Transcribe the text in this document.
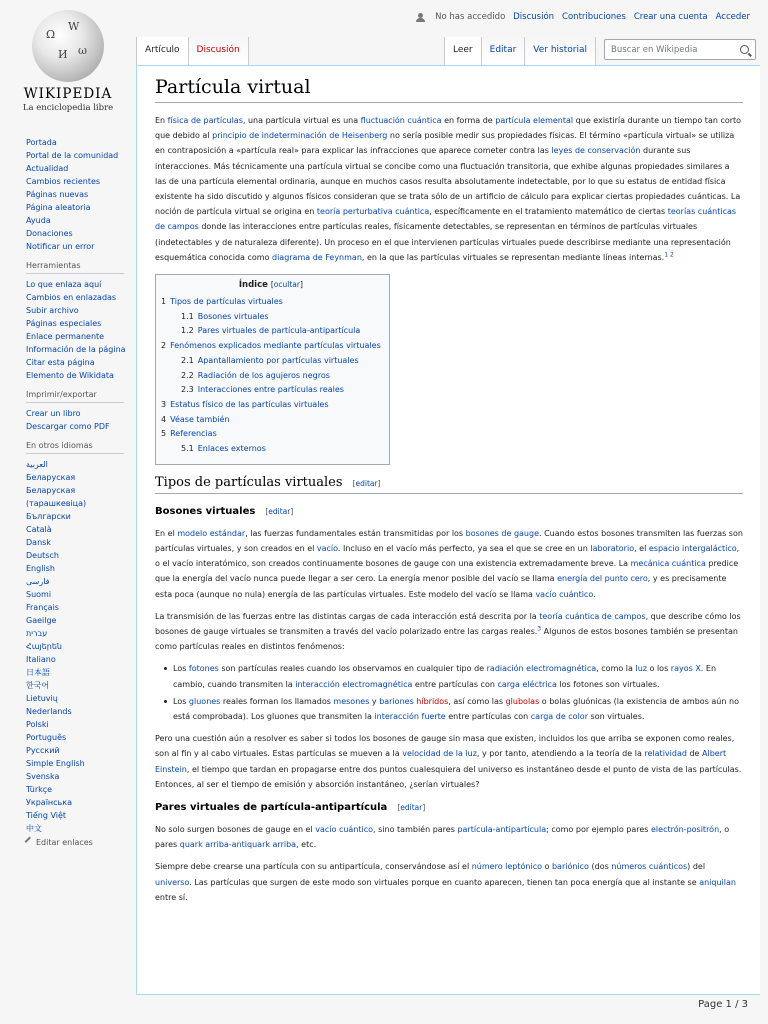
No has accedido Discusión Contribuciones Crear una cuenta Acceder
Ω
W
И ω
WIKIPEDIA
La enciclopedia libre
Portada
Portal de la comunidad
Actualidad
Cambios recientes
Páginas nuevas
Página aleatoria
Ayuda
Donaciones
Notificar un error
Herramientas
Lo que enlaza aquí
Cambios en enlazadas
Subir archivo
Páginas especiales
Enlace permanente
Información de la página
Citar esta página
Elemento de Wikidata
Imprimir/exportar
Crear un libro
Descargar como PDF
En otros idiomas
العربية
Беларуская
Беларуская (тарашкевіца)
Български
Català
Dansk
Deutsch
English
فارسی
Suomi
Français
Gaeilge
עברית
Հայերեն
Italiano
日本語
한국어
Lietuvių
Nederlands
Polski
Português
Русский
Simple English
Svenska
Türkçe
Українська
Tiếng Việt
中文
Editar enlaces
Artículo	Discusión	Leer	Editar	Ver historial	Buscar en Wikipedia
Partícula virtual

En física de partículas, una partícula virtual es una fluctuación cuántica en forma de partícula elemental que existiría durante un tiempo tan corto que debido al principio de indeterminación de Heisenberg no sería posible medir sus propiedades físicas. El término «partícula virtual» se utiliza en contraposición a «partícula real» para explicar las infracciones que aparece cometer contra las leyes de conservación durante sus interacciones. Más técnicamente una partícula virtual se concibe como una fluctuación transitoria, que exhibe algunas propiedades similares a las de una partícula elemental ordinaria, aunque en muchos casos resulta absolutamente indetectable, por lo que su estatus de entidad física existente ha sido discutido y algunos físicos consideran que se trata sólo de un artificio de cálculo para explicar ciertas propiedades cuánticas. La noción de partícula virtual se origina en teoría perturbativa cuántica, específicamente en el tratamiento matemático de ciertas teorías cuánticas de campos donde las interacciones entre partículas reales, físicamente detectables, se representan en términos de partículas virtuales (indetectables y de naturaleza diferente). Un proceso en el que intervienen partículas virtuales puede describirse mediante una representación esquemática conocida como diagrama de Feynman, en la que las partículas virtuales se representan mediante líneas internas.$^{1 2}$

Índice [ocultar]
1 Tipos de partículas virtuales
1.1 Bosones virtuales
1.2 Pares virtuales de partícula-antipartícula
2 Fenómenos explicados mediante partículas virtuales
2.1 Apantallamiento por partículas virtuales
2.2 Radiación de los agujeros negros
2.3 Interacciones entre partículas reales
3 Estatus físico de las partículas virtuales
4 Véase también
5 Referencias
5.1 Enlaces externos
Tipos de partículas virtuales [editar]
Bosones virtuales [editar]

En el modelo estándar, las fuerzas fundamentales están transmitidas por los bosones de gauge. Cuando estos bosones transmiten las fuerzas son partículas virtuales, y son creados en el vacío. Incluso en el vacío más perfecto, ya sea el que se cree en un laboratorio, el espacio intergaláctico, o el vacío interatómico, son creados continuamente bosones de gauge con una existencia extremadamente breve. La mecánica cuántica predice que la energía del vacío nunca puede llegar a ser cero. La energía menor posible del vacío se llama energía del punto cero, y es precisamente esta poca (aunque no nula) energía de las partículas virtuales. Este modelo del vacío se llama vacío cuántico.

La transmisión de las fuerzas entre las distintas cargas de cada interacción está descrita por la teoría cuántica de campos, que describe cómo los bosones de gauge virtuales se transmiten a través del vacío polarizado entre las cargas reales.$^3$ Algunos de estos bosones también se presentan como partículas reales en distintos fenómenos:

Los fotones son partículas reales cuando los observamos en cualquier tipo de radiación electromagnética, como la luz o los rayos X. En cambio, cuando transmiten la interacción electromagnética entre partículas con carga eléctrica los fotones son virtuales.
Los gluones reales forman los llamados mesones y bariones híbridos, así como las glubolas o bolas gluónicas (la existencia de ambos aún no está comprobada). Los gluones que transmiten la interacción fuerte entre partículas con carga de color son virtuales.

Pero una cuestión aún a resolver es saber si todos los bosones de gauge sin masa que existen, incluidos los que arriba se exponen como reales, son al fin y al cabo virtuales. Estas partículas se mueven a la velocidad de la luz, y por tanto, atendiendo a la teoría de la relatividad de Albert Einstein, el tiempo que tardan en propagarse entre dos puntos cualesquiera del universo es instantáneo desde el punto de vista de las partículas. Entonces, al ser el tiempo de emisión y absorción instantáneo, ¿serían virtuales?

Pares virtuales de partícula-antipartícula [editar]

No solo surgen bosones de gauge en el vacío cuántico, sino también pares partícula-antipartícula; como por ejemplo pares electrón-positrón, o pares quark arriba-antiquark arriba, etc.

Siempre debe crearse una partícula con su antipartícula, conservándose así el número leptónico o bariónico (dos números cuánticos) del universo. Las partículas que surgen de este modo son virtuales porque en cuanto aparecen, tienen tan poca energía que al instante se aniquilan entre sí.

Page 1 / 3
